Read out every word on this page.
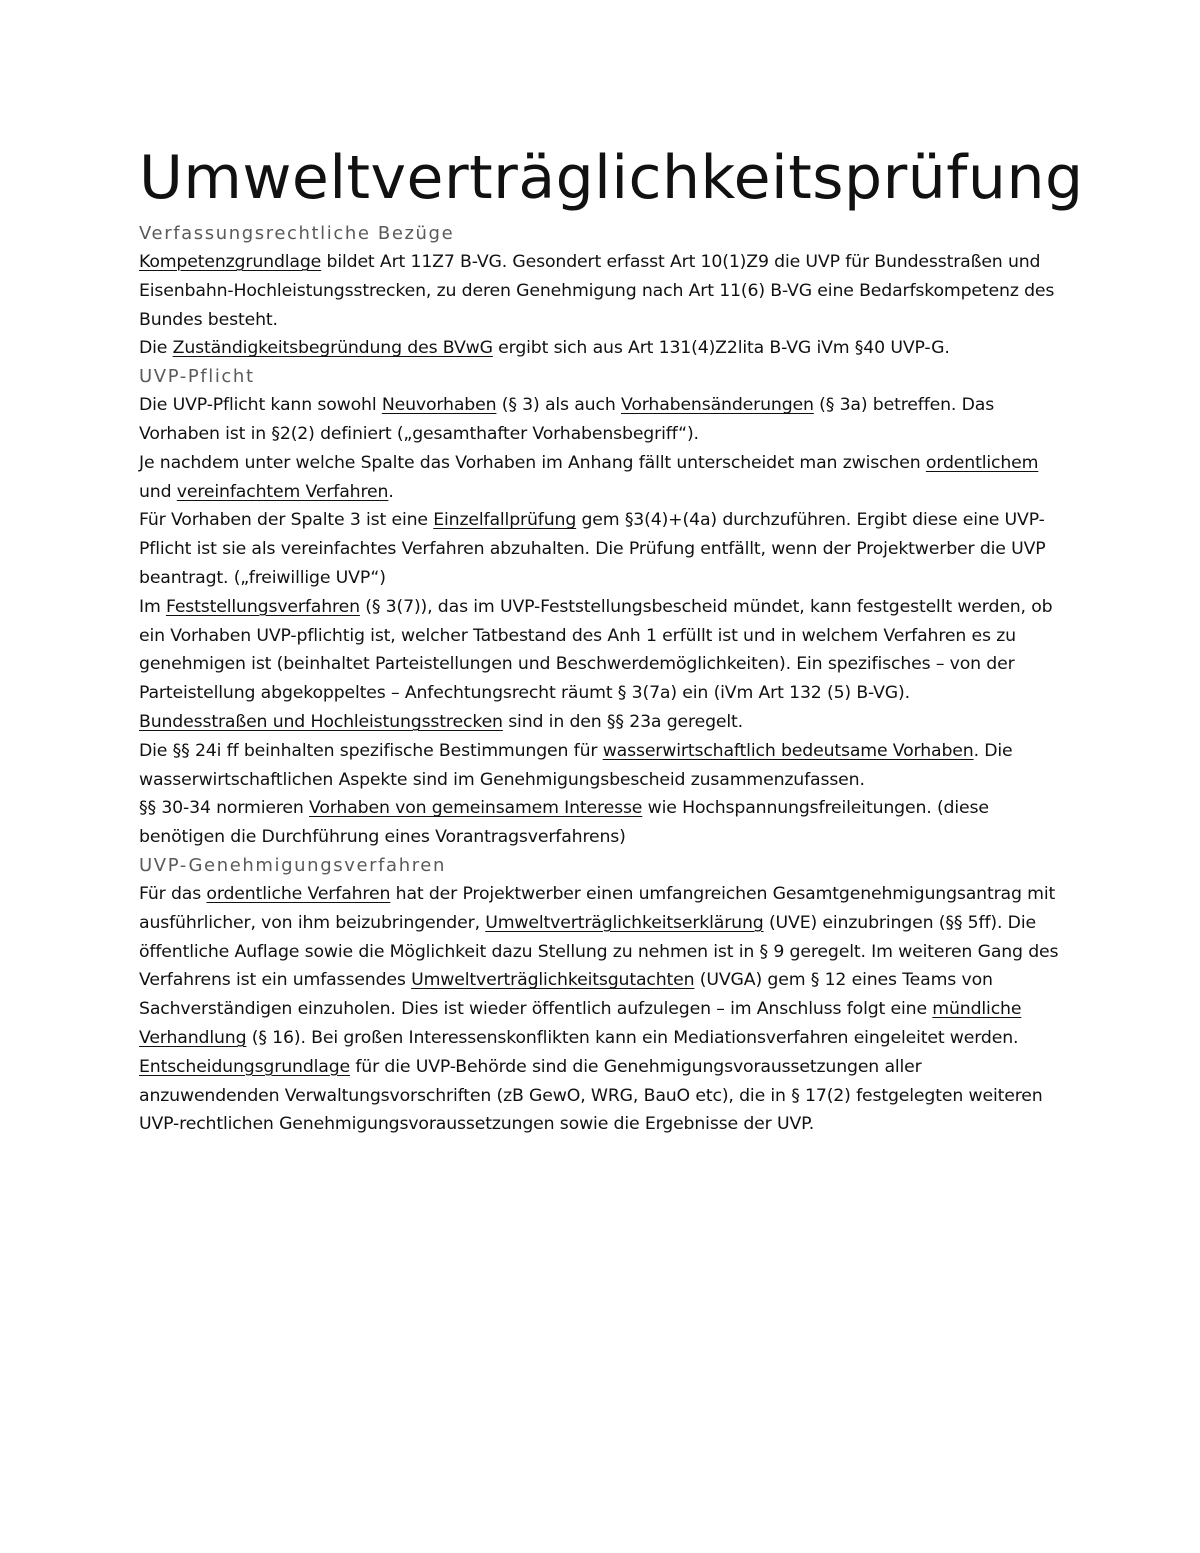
Umweltverträglichkeitsprüfung
Verfassungsrechtliche Bezüge

Kompetenzgrundlage bildet Art 11Z7 B-VG. Gesondert erfasst Art 10(1)Z9 die UVP für Bundesstraßen und Eisenbahn-Hochleistungsstrecken, zu deren Genehmigung nach Art 11(6) B-VG eine Bedarfskompetenz des Bundes besteht.

Die Zuständigkeitsbegründung des BVwG ergibt sich aus Art 131(4)Z2lita B-VG iVm §40 UVP-G.

UVP-Pflicht

Die UVP-Pflicht kann sowohl Neuvorhaben (§ 3) als auch Vorhabensänderungen (§ 3a) betreffen. Das Vorhaben ist in §2(2) definiert („gesamthafter Vorhabensbegriff“).

Je nachdem unter welche Spalte das Vorhaben im Anhang fällt unterscheidet man zwischen ordentlichem und vereinfachtem Verfahren.

Für Vorhaben der Spalte 3 ist eine Einzelfallprüfung gem §3(4)+(4a) durchzuführen. Ergibt diese eine UVP-Pflicht ist sie als vereinfachtes Verfahren abzuhalten. Die Prüfung entfällt, wenn der Projektwerber die UVP beantragt. („freiwillige UVP“)

Im Feststellungsverfahren (§ 3(7)), das im UVP-Feststellungsbescheid mündet, kann festgestellt werden, ob ein Vorhaben UVP-pflichtig ist, welcher Tatbestand des Anh 1 erfüllt ist und in welchem Verfahren es zu genehmigen ist (beinhaltet Parteistellungen und Beschwerdemöglichkeiten). Ein spezifisches – von der Parteistellung abgekoppeltes – Anfechtungsrecht räumt § 3(7a) ein (iVm Art 132 (5) B-VG).

Bundesstraßen und Hochleistungsstrecken sind in den §§ 23a geregelt.

Die §§ 24i ff beinhalten spezifische Bestimmungen für wasserwirtschaftlich bedeutsame Vorhaben. Die wasserwirtschaftlichen Aspekte sind im Genehmigungsbescheid zusammenzufassen.

§§ 30-34 normieren Vorhaben von gemeinsamem Interesse wie Hochspannungsfreileitungen. (diese benötigen die Durchführung eines Vorantragsverfahrens)

UVP-Genehmigungsverfahren

Für das ordentliche Verfahren hat der Projektwerber einen umfangreichen Gesamtgenehmigungsantrag mit ausführlicher, von ihm beizubringender, Umweltverträglichkeitserklärung (UVE) einzubringen (§§ 5ff). Die öffentliche Auflage sowie die Möglichkeit dazu Stellung zu nehmen ist in § 9 geregelt. Im weiteren Gang des Verfahrens ist ein umfassendes Umweltverträglichkeitsgutachten (UVGA) gem § 12 eines Teams von Sachverständigen einzuholen. Dies ist wieder öffentlich aufzulegen – im Anschluss folgt eine mündliche Verhandlung (§ 16). Bei großen Interessenskonflikten kann ein Mediationsverfahren eingeleitet werden.

Entscheidungsgrundlage für die UVP-Behörde sind die Genehmigungsvoraussetzungen aller anzuwendenden Verwaltungsvorschriften (zB GewO, WRG, BauO etc), die in § 17(2) festgelegten weiteren UVP-rechtlichen Genehmigungsvoraussetzungen sowie die Ergebnisse der UVP.
